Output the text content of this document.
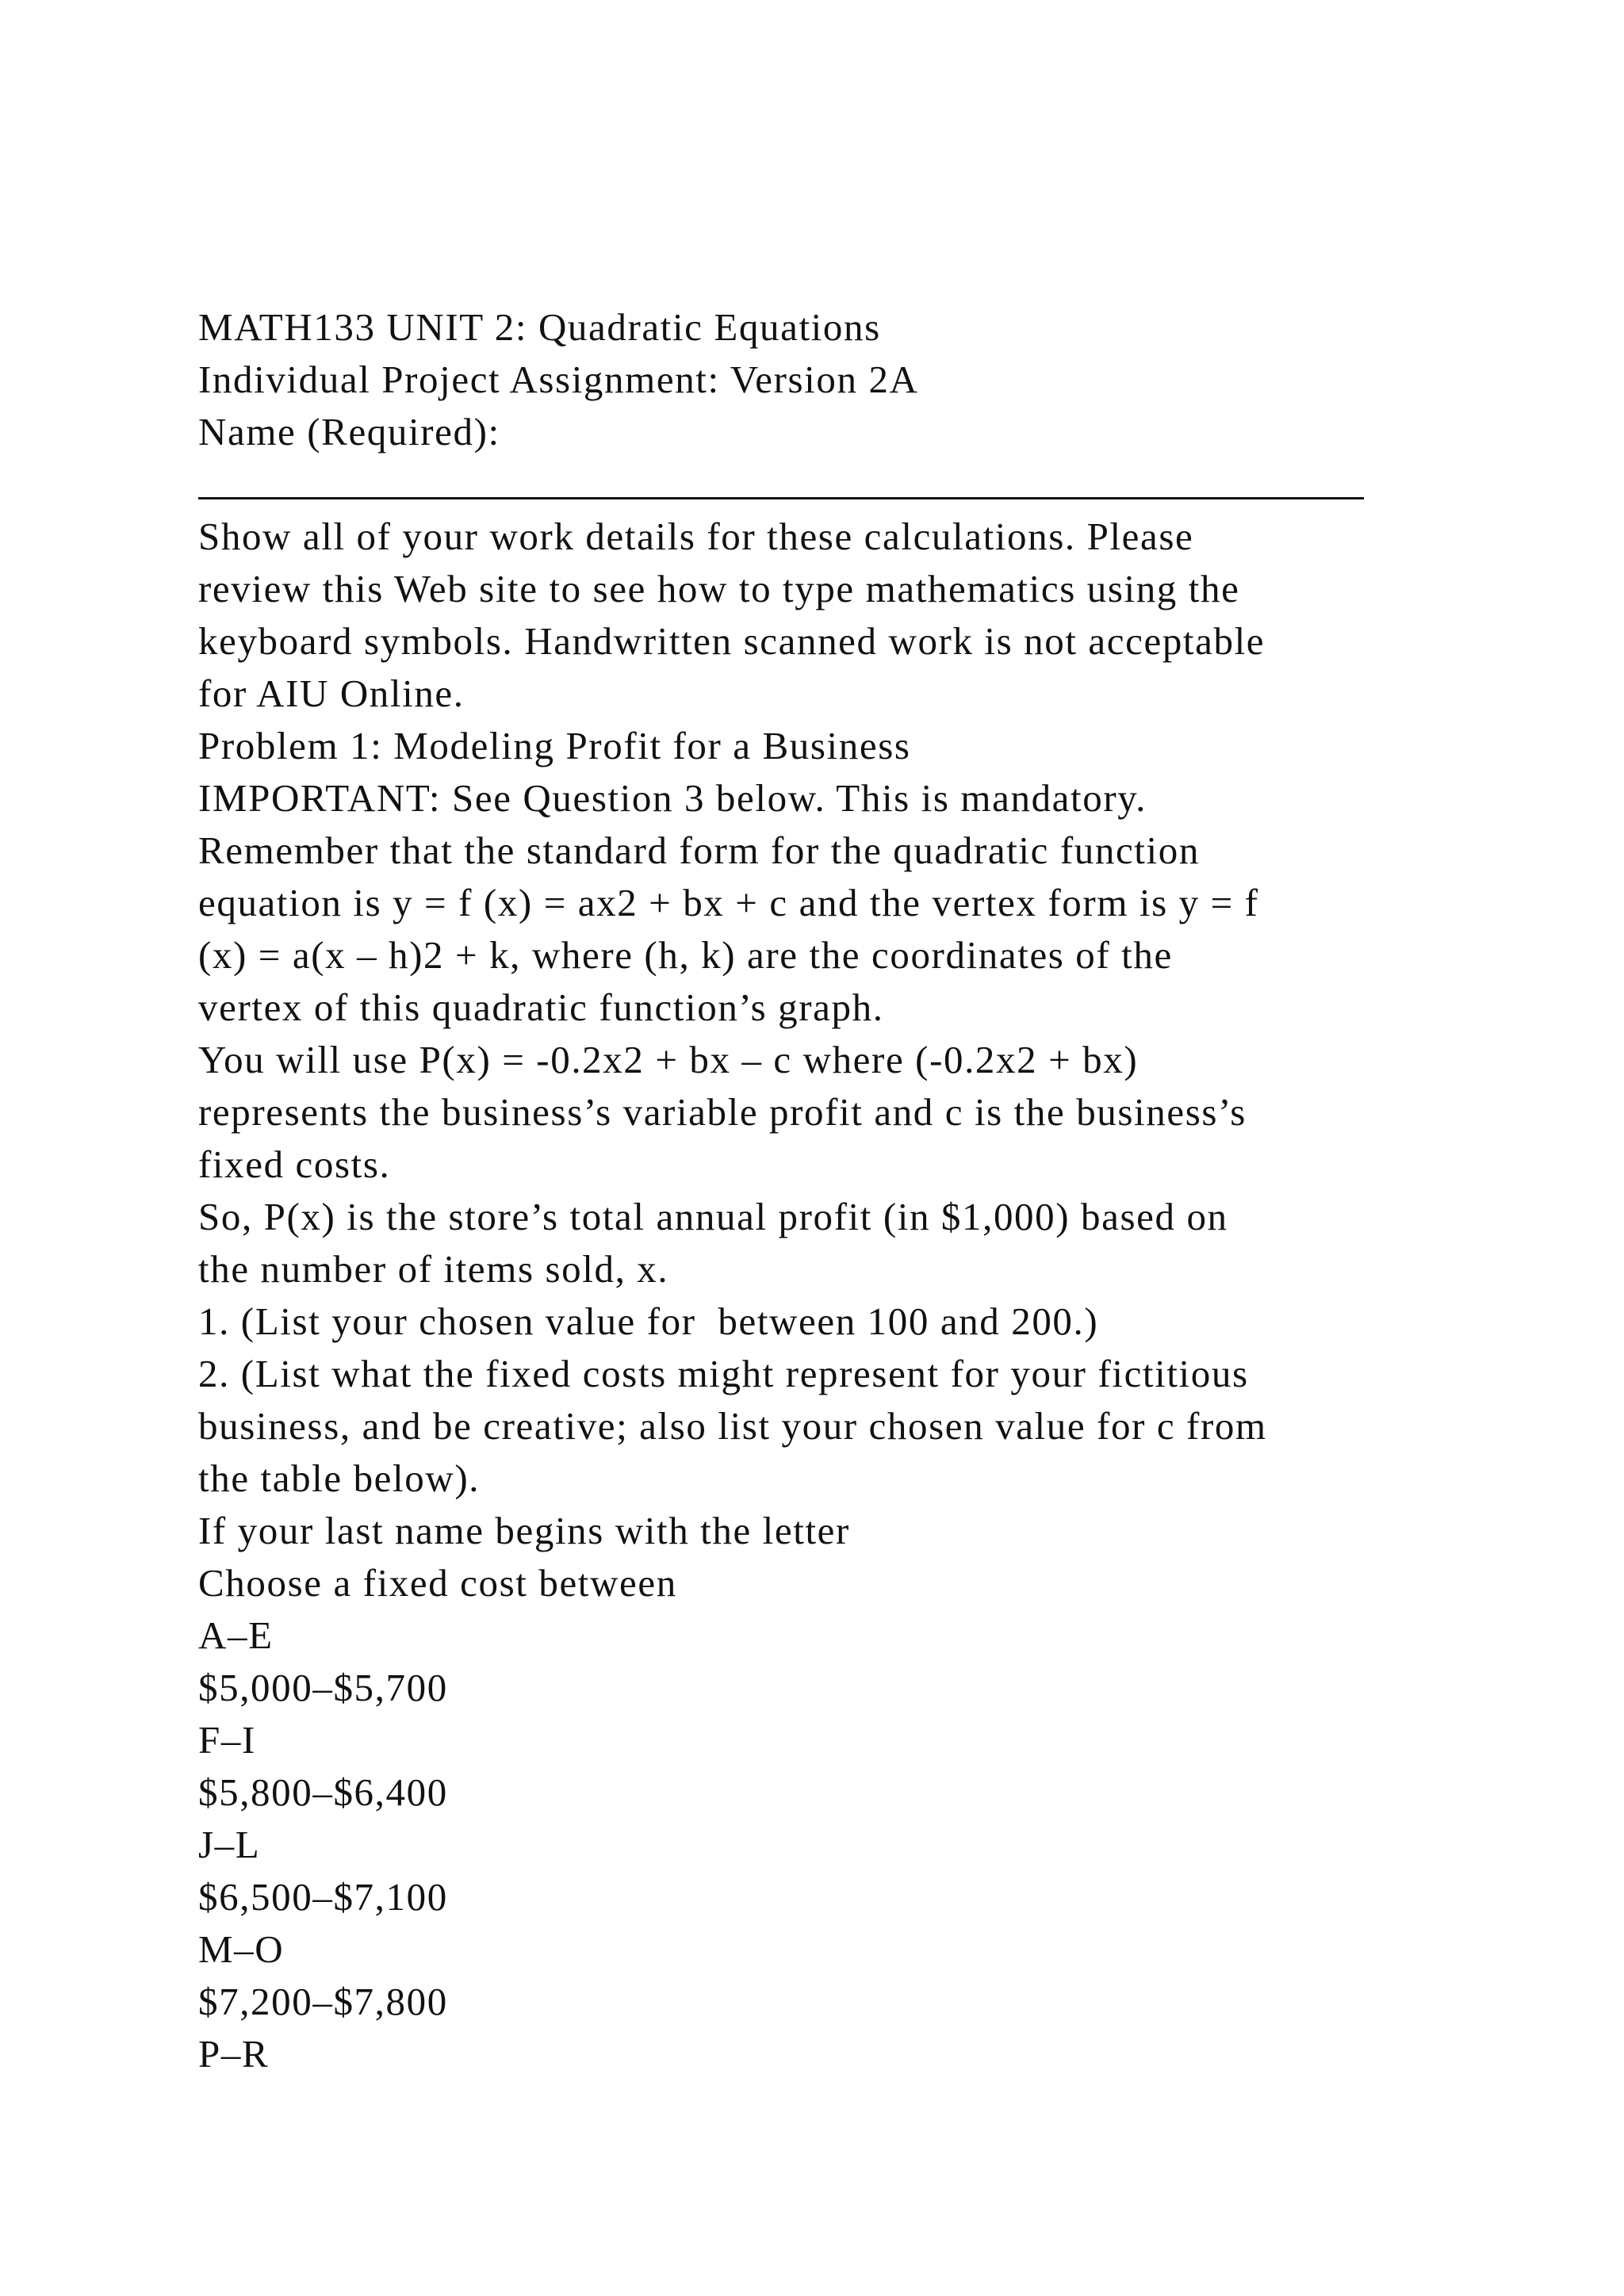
MATH133 UNIT 2: Quadratic Equations
Individual Project Assignment: Version 2A
Name (Required):
Show all of your work details for these calculations. Please
review this Web site to see how to type mathematics using the
keyboard symbols. Handwritten scanned work is not acceptable
for AIU Online.
Problem 1: Modeling Profit for a Business
IMPORTANT: See Question 3 below. This is mandatory.
Remember that the standard form for the quadratic function
equation is y = f (x) = ax2 + bx + c and the vertex form is y = f
(x) = a(x – h)2 + k, where (h, k) are the coordinates of the
vertex of this quadratic function’s graph.
You will use P(x) = -0.2x2 + bx – c where (-0.2x2 + bx)
represents the business’s variable profit and c is the business’s
fixed costs.
So, P(x) is the store’s total annual profit (in $1,000) based on
the number of items sold, x.
1. (List your chosen value for  between 100 and 200.)
2. (List what the fixed costs might represent for your fictitious
business, and be creative; also list your chosen value for c from
the table below).
If your last name begins with the letter
Choose a fixed cost between
A–E
$5,000–$5,700
F–I
$5,800–$6,400
J–L
$6,500–$7,100
M–O
$7,200–$7,800
P–R
